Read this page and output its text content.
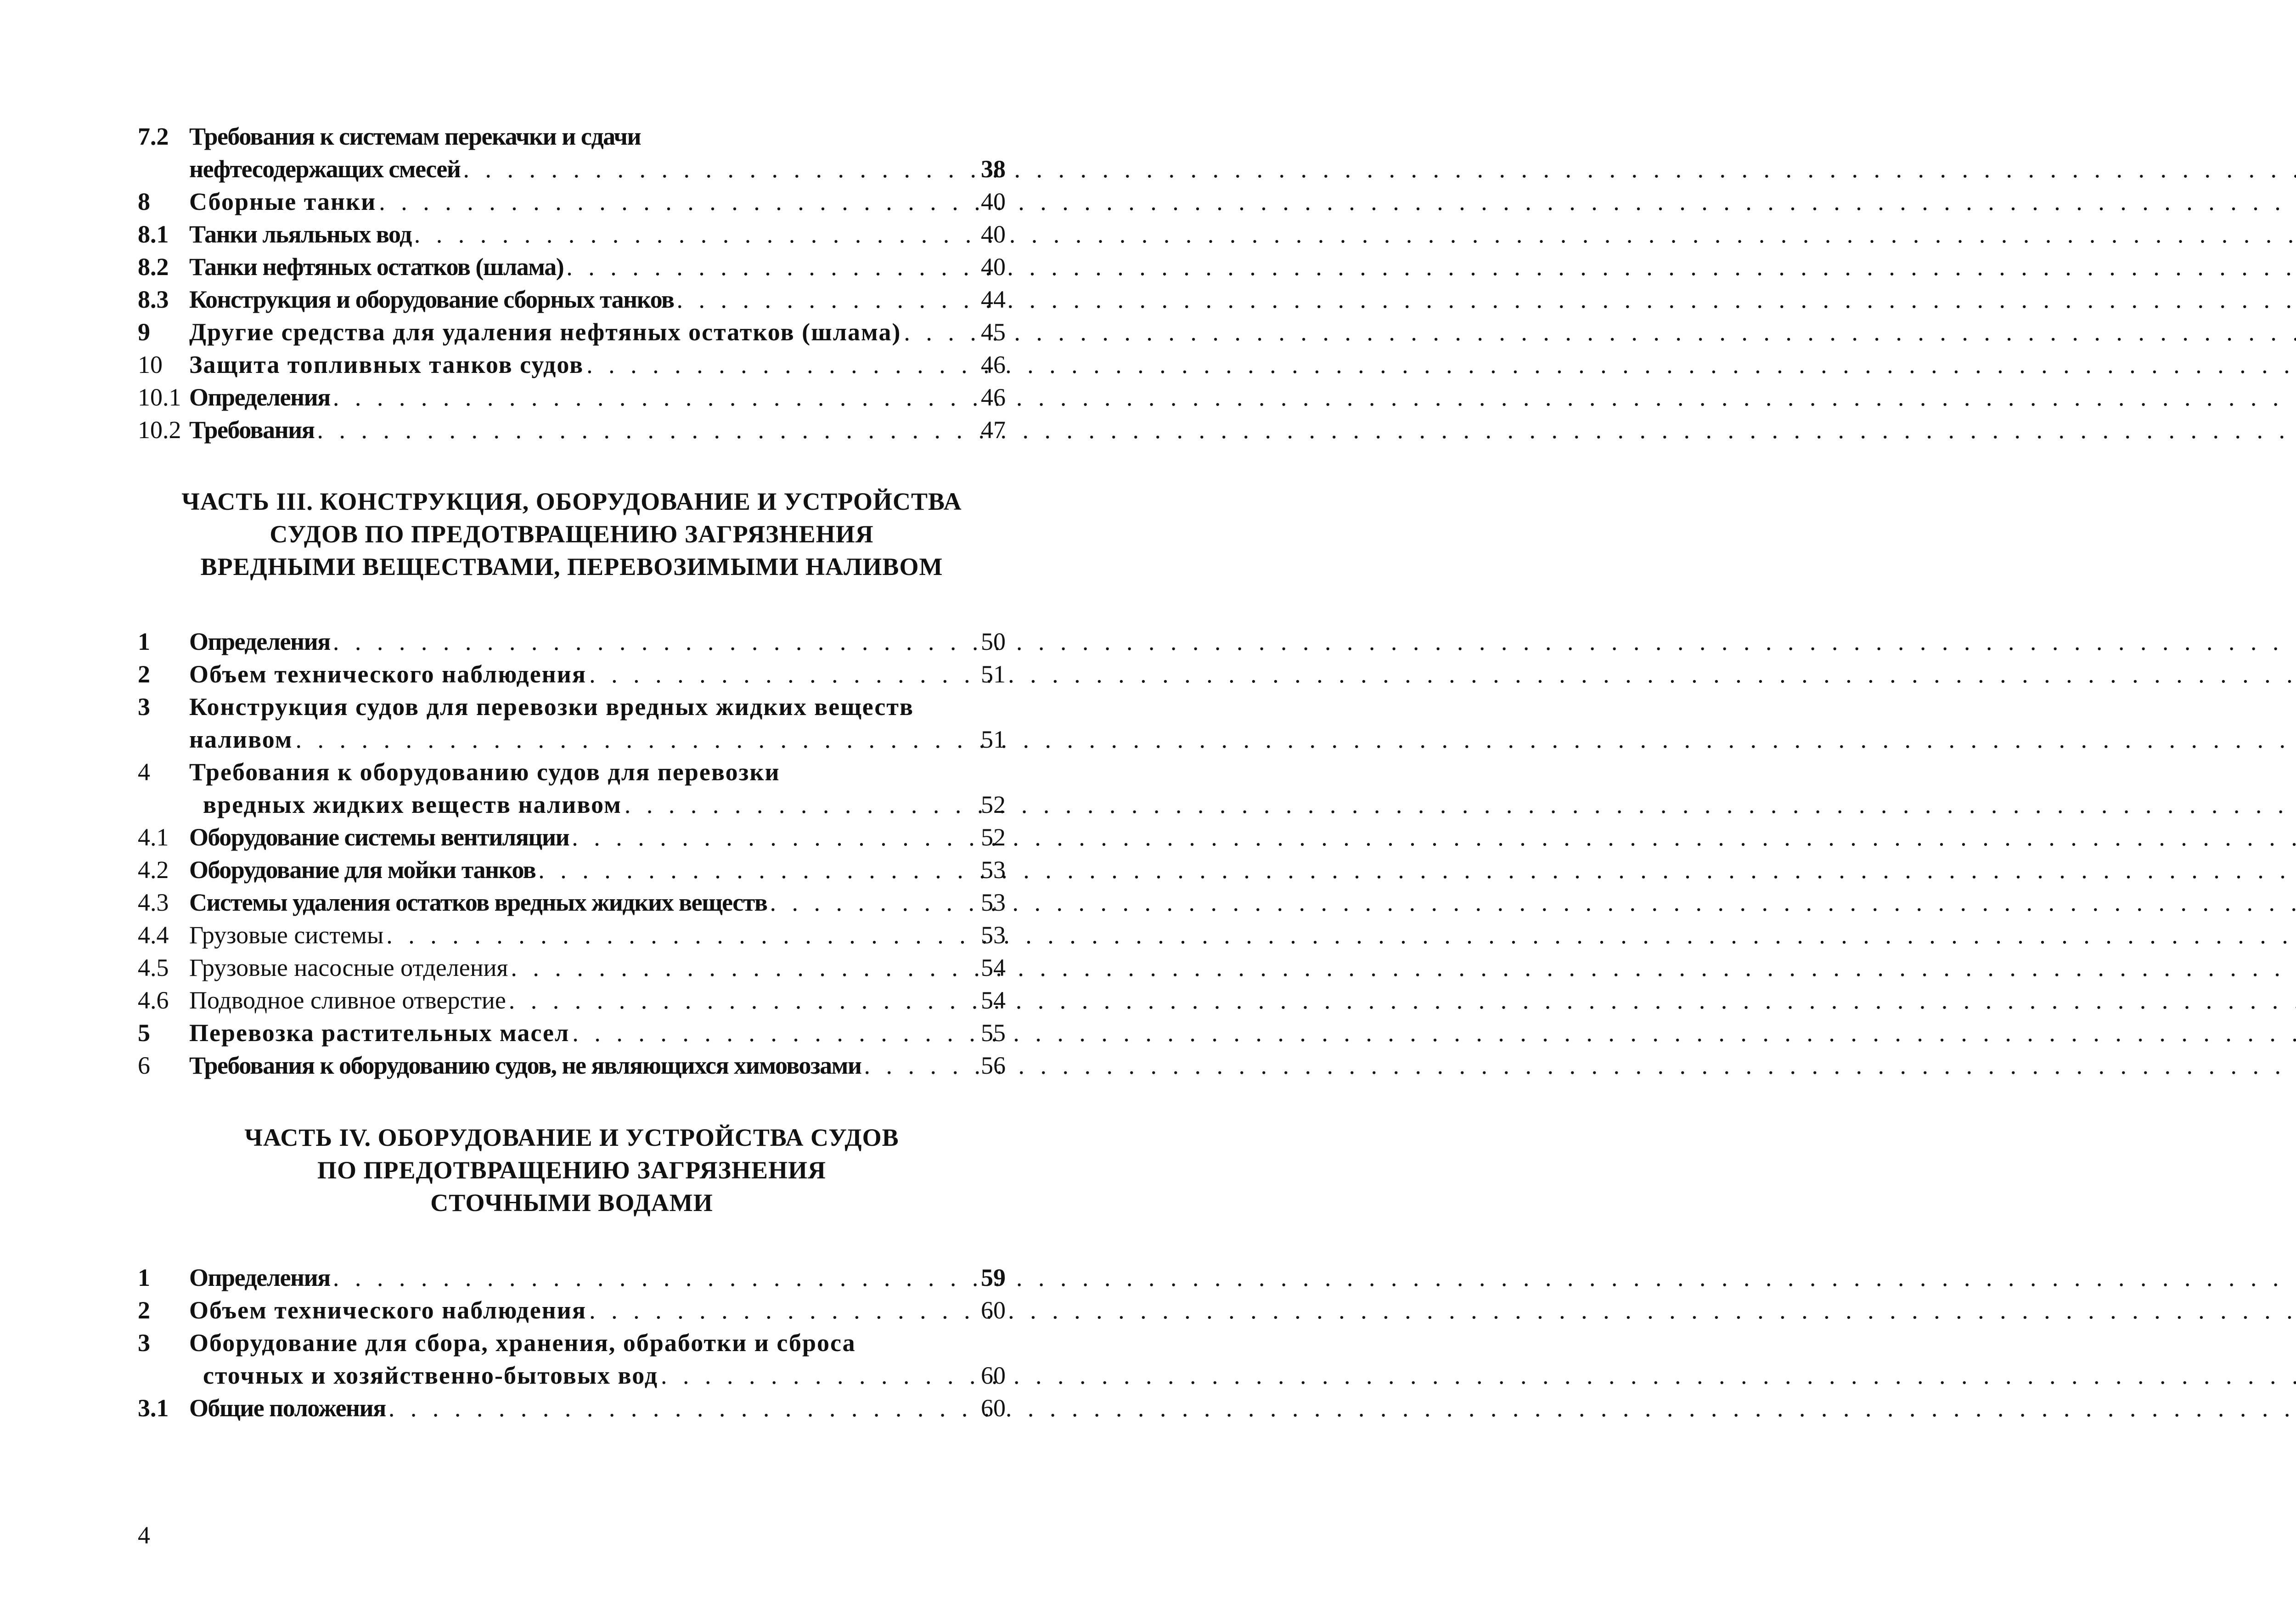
7.2 Требования к системам перекачки и сдачи
нефтесодержащих смесей . . .	38
8	Сборные танки . . .	40
8.1 Танки льяльных вод . . .	40
8.2 Танки нефтяных остатков (шлама) . . .	40
8.3 Конструкция и оборудование сборных танков . . .	44
9	Другие средства для удаления нефтяных остатков (шлама) . . .	45
10	Защита топливных танков судов . . .	46
10.1 Определения . . .	46
10.2 Требования . . .	47
ЧАСТЬ III. КОНСТРУКЦИЯ, ОБОРУДОВАНИЕ И УСТРОЙСТВА
СУДОВ ПО ПРЕДОТВРАЩЕНИЮ ЗАГРЯЗНЕНИЯ
ВРЕДНЫМИ ВЕЩЕСТВАМИ, ПЕРЕВОЗИМЫМИ НАЛИВОМ
1	Определения . . .	50
2	Объем технического наблюдения . . .	51
3	Конструкция судов для перевозки вредных жидких веществ
наливом . . .	51
4	Требования к оборудованию судов для перевозки
вредных жидких веществ наливом . . .	52
4.1 Оборудование системы вентиляции . . .	52
4.2 Оборудование для мойки танков . . .	53
4.3 Системы удаления остатков вредных жидких веществ . . .	53
4.4 Грузовые системы . . .	53
4.5 Грузовые насосные отделения . . .	54
4.6 Подводное сливное отверстие . . .	54
5	Перевозка растительных масел . . .	55
6	Требования к оборудованию судов, не являющихся химовозами . . .	56
ЧАСТЬ IV. ОБОРУДОВАНИЕ И УСТРОЙСТВА СУДОВ
ПО ПРЕДОТВРАЩЕНИЮ ЗАГРЯЗНЕНИЯ
СТОЧНЫМИ ВОДАМИ
1	Определения . . .	59
2	Объем технического наблюдения . . .	60
3	Оборудование для сбора, хранения, обработки и сброса
сточных и хозяйственно-бытовых вод . . .	60
3.1 Общие положения . . .	60
4
